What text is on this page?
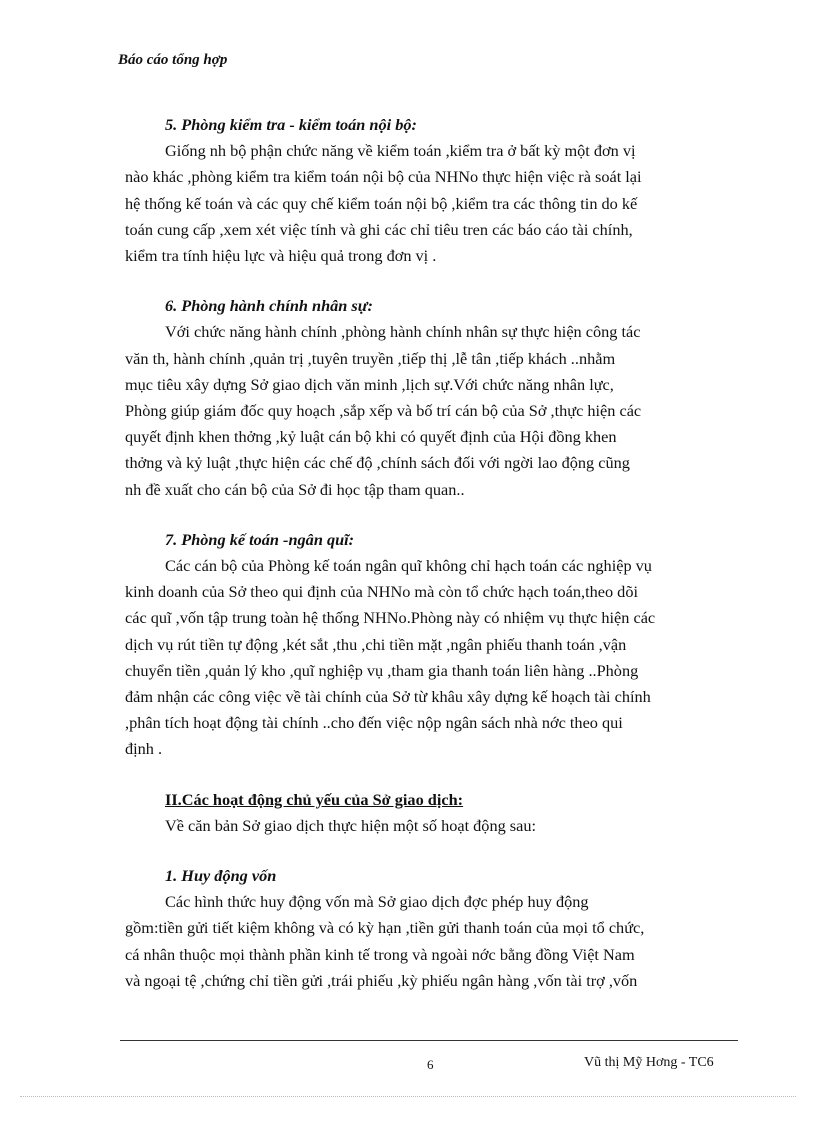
Báo cáo tổng hợp

5. Phòng kiểm tra - kiểm toán nội bộ:

Giống nh bộ phận chức năng về kiểm toán ,kiểm tra ở bất kỳ một đơn vị
nào khác ,phòng kiểm tra kiểm toán nội bộ của NHNo thực hiện việc rà soát lại
hệ thống kế toán và các quy chế kiểm toán nội bộ ,kiểm tra các thông tin do kế
toán cung cấp ,xem xét việc tính và ghi các chỉ tiêu tren các báo cáo tài chính,
kiểm tra tính hiệu lực và hiệu quả trong đơn vị .

6. Phòng hành chính nhân sự:

Với chức năng hành chính ,phòng hành chính nhân sự thực hiện công tác
văn th, hành chính ,quản trị ,tuyên truyền ,tiếp thị ,lễ tân ,tiếp khách ..nhằm
mục tiêu xây dựng Sở giao dịch văn minh ,lịch sự.Với chức năng nhân lực,
Phòng giúp giám đốc quy hoạch ,sắp xếp và bố trí cán bộ của Sở ,thực hiện các
quyết định khen thởng ,kỷ luật cán bộ khi có quyết định của Hội đồng khen
thởng và kỷ luật ,thực hiện các chế độ ,chính sách đối với ngời lao động cũng
nh đề xuất cho cán bộ của Sở đi học tập tham quan..

7. Phòng kế toán -ngân quĩ:

Các cán bộ của Phòng kế toán ngân quĩ không chỉ hạch toán các nghiệp vụ
kinh doanh của Sở theo qui định của NHNo mà còn tổ chức hạch toán,theo dõi
các quĩ ,vốn tập trung toàn hệ thống NHNo.Phòng này có nhiệm vụ thực hiện các
dịch vụ rút tiền tự động ,két sắt ,thu ,chi tiền mặt ,ngân phiếu thanh toán ,vận
chuyển tiền ,quản lý kho ,quĩ nghiệp vụ ,tham gia thanh toán liên hàng ..Phòng
đảm nhận các công việc về tài chính của Sở từ khâu xây dựng kế hoạch tài chính
,phân tích hoạt động tài chính ..cho đến việc nộp ngân sách nhà nớc theo qui
định .

II.Các hoạt động chủ yếu của Sở giao dịch:

Về căn bản Sở giao dịch thực hiện một số hoạt động sau:

1. Huy động vốn

Các hình thức huy động vốn mà Sở giao dịch đợc phép huy động
gồm:tiền gửi tiết kiệm không và có kỳ hạn ,tiền gửi thanh toán của mọi tổ chức,
cá nhân thuộc mọi thành phần kinh tế trong và ngoài nớc bằng đồng Việt Nam
và ngoại tệ ,chứng chỉ tiền gửi ,trái phiếu ,kỳ phiếu ngân hàng ,vốn tài trợ ,vốn

6	Vũ thị Mỹ Hơng - TC6
